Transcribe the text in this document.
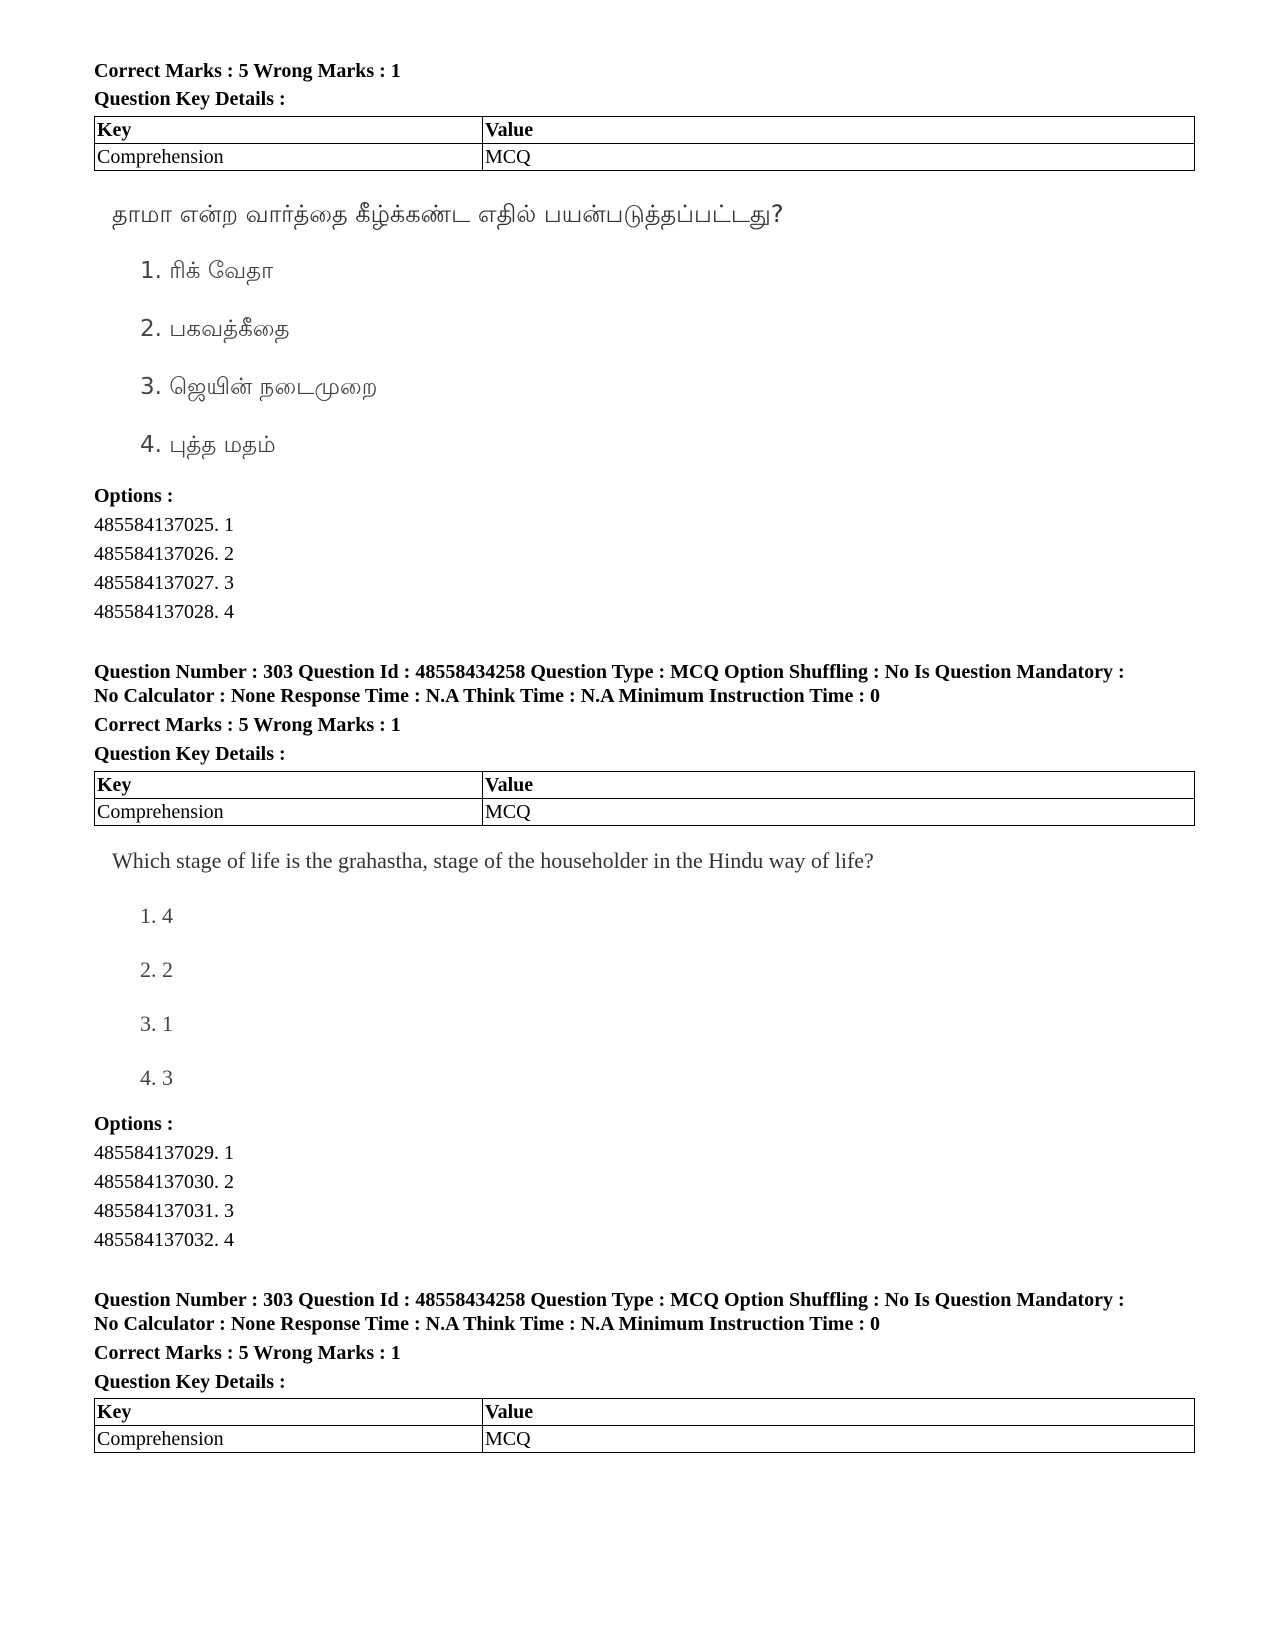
Correct Marks : 5 Wrong Marks : 1
Question Key Details :
Key	Value
Comprehension	MCQ
தாமா என்ற வார்த்தை கீழ்க்கண்ட எதில் பயன்படுத்தப்பட்டது?
1. ரிக் வேதா
2. பகவத்கீதை
3. ஜெயின் நடைமுறை
4. புத்த மதம்
Options :
485584137025. 1
485584137026. 2
485584137027. 3
485584137028. 4
Question Number : 303 Question Id : 48558434258 Question Type : MCQ Option Shuffling : No Is Question Mandatory :
No Calculator : None Response Time : N.A Think Time : N.A Minimum Instruction Time : 0
Correct Marks : 5 Wrong Marks : 1
Question Key Details :
Key	Value
Comprehension	MCQ
Which stage of life is the grahastha, stage of the householder in the Hindu way of life?
1. 4
2. 2
3. 1
4. 3
Options :
485584137029. 1
485584137030. 2
485584137031. 3
485584137032. 4
Question Number : 303 Question Id : 48558434258 Question Type : MCQ Option Shuffling : No Is Question Mandatory :
No Calculator : None Response Time : N.A Think Time : N.A Minimum Instruction Time : 0
Correct Marks : 5 Wrong Marks : 1
Question Key Details :
Key	Value
Comprehension	MCQ
